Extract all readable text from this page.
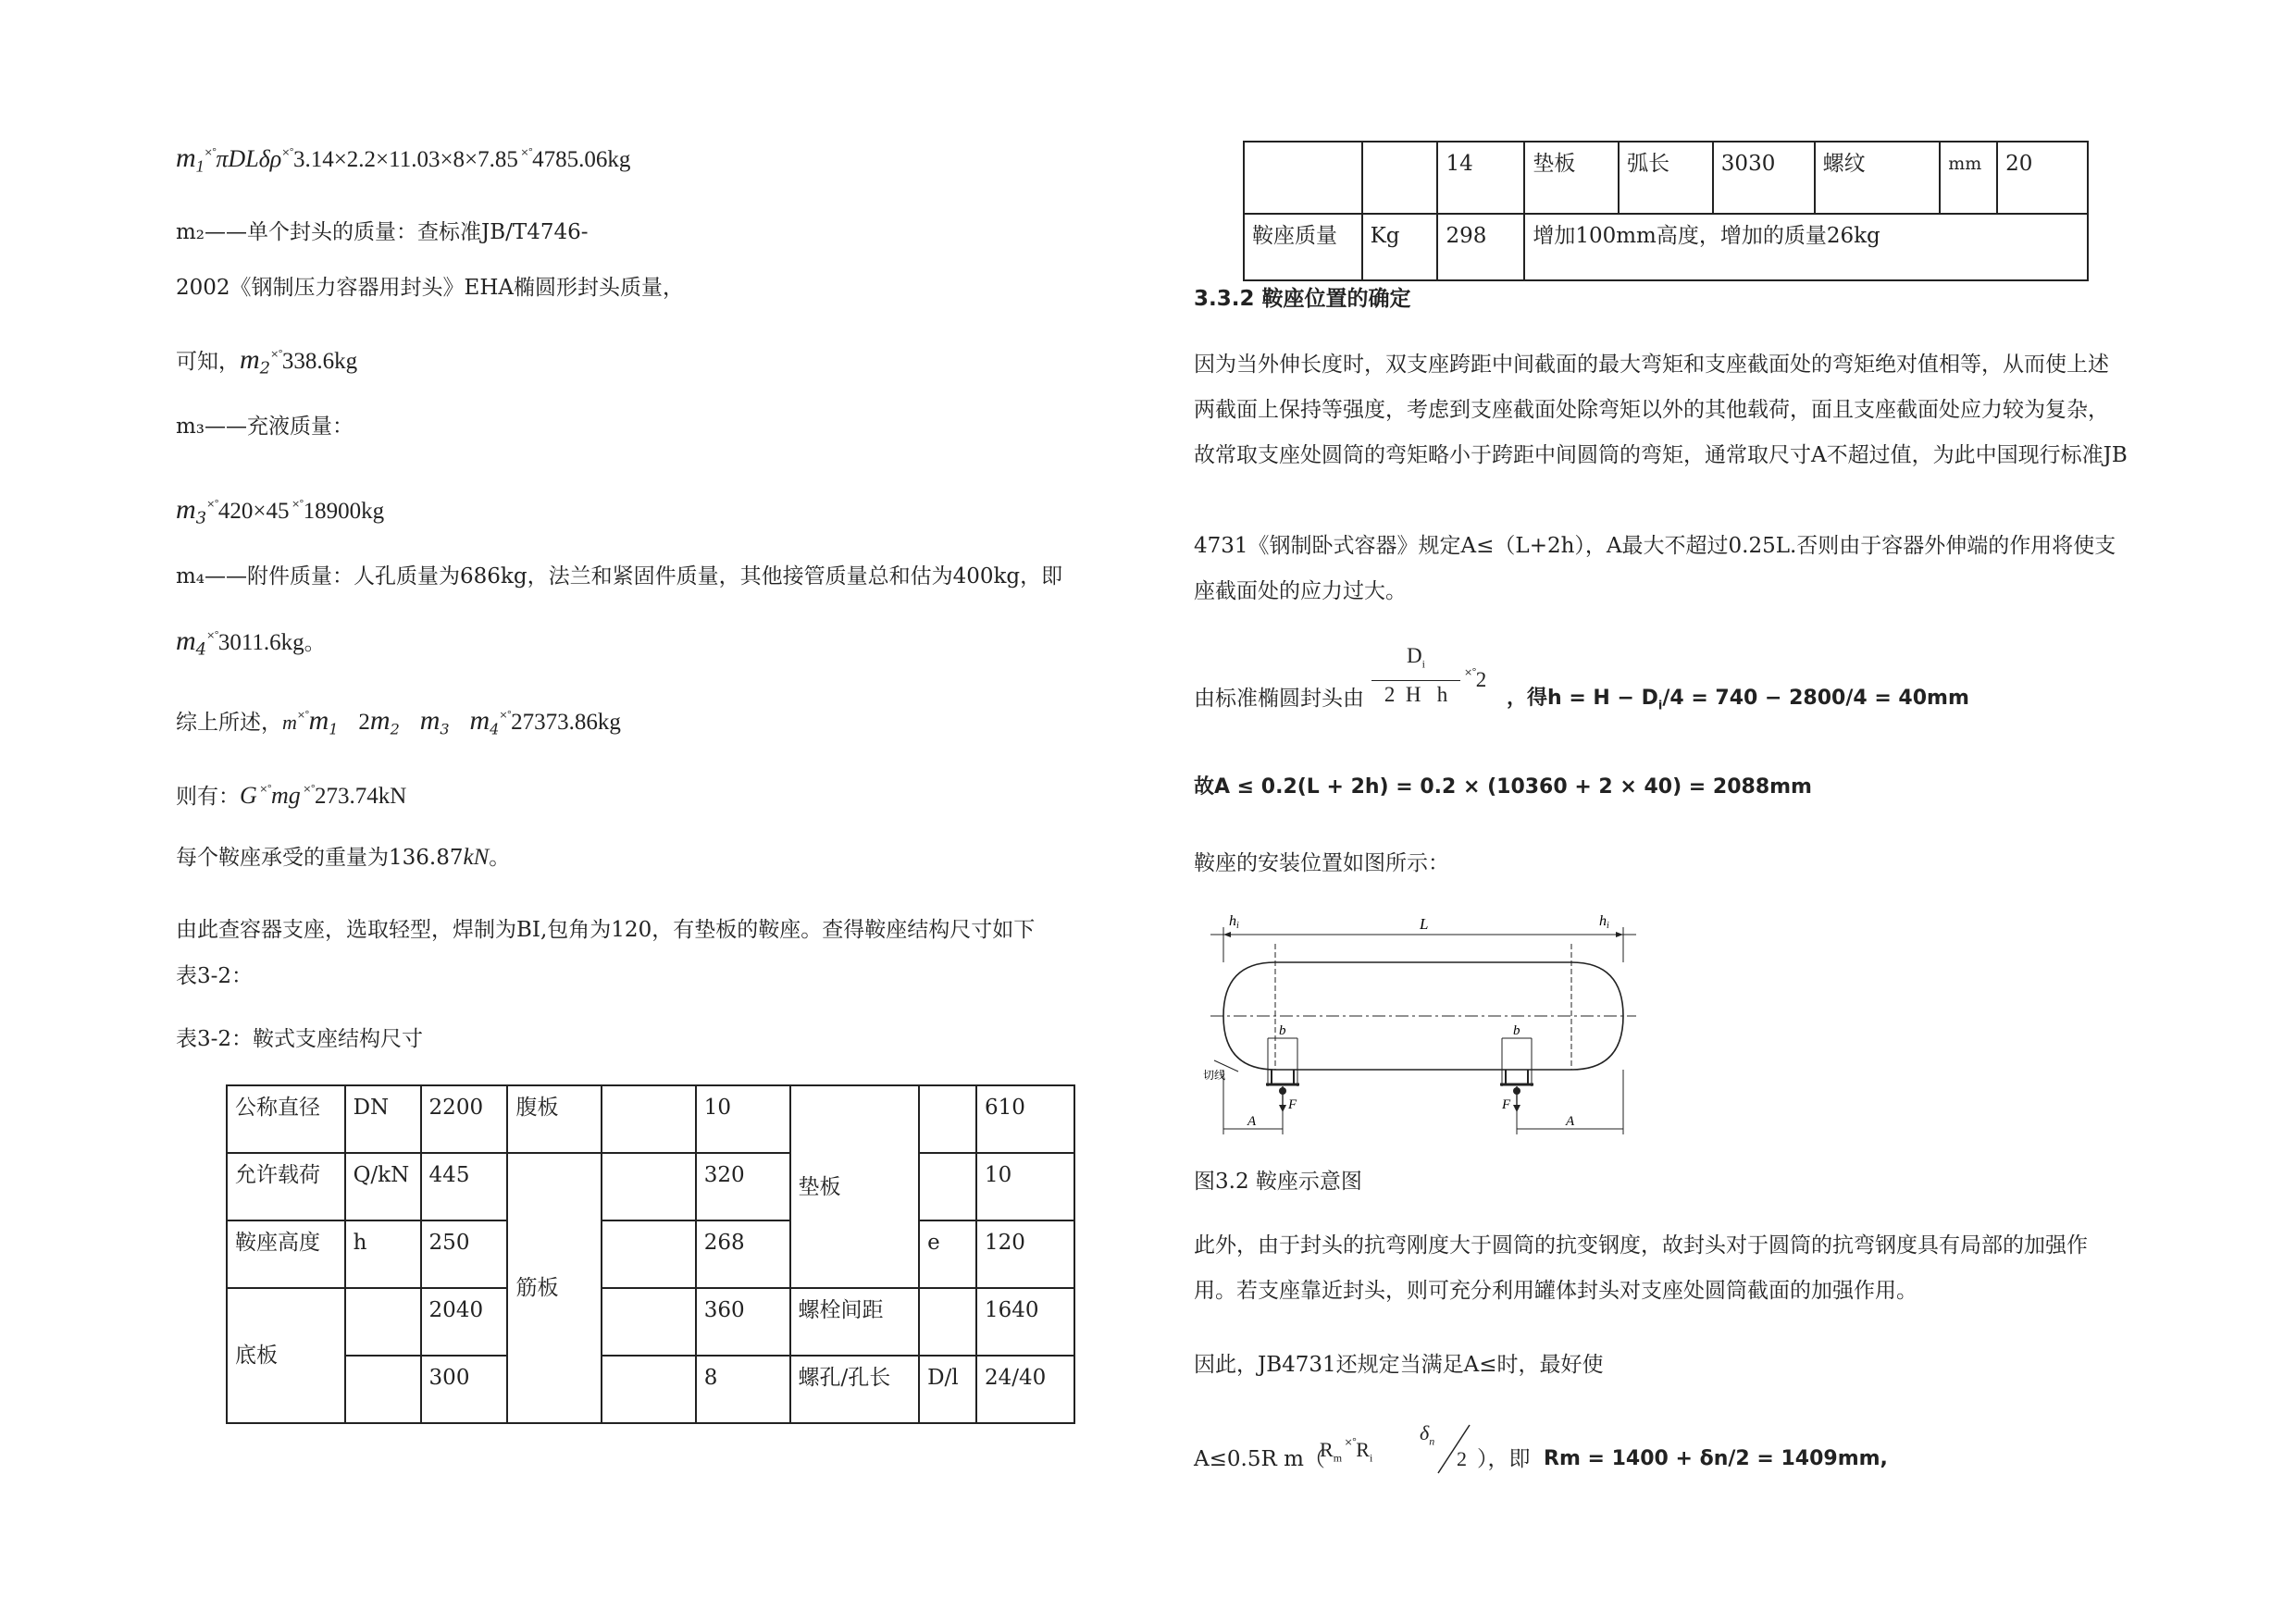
$m_1^{\times^\circ}\pi DL\delta\rho^{\times^\circ}3.14\times 2.2\times 11.03\times 8\times 7.85$ ×°4785.06kg
m₂——单个封头的质量：查标准JB/T4746-
2002《钢制压力容器用封头》EHA椭圆形封头质量，
可知，$m_2^{\times^\circ}338.6kg$
m₃——充液质量：
$m_3^{\times^\circ}420\times 45$ ×°18900kg
m₄——附件质量：人孔质量为686kg，法兰和紧固件质量，其他接管质量总和估为400kg，即
$m_4^{\times^\circ}3011.6kg$。
综上所述，$m^{\times^\circ}m_1$ $2m_2$ $m_3$ $m_4^{\times^\circ}27373.86kg$
则有：G ×°mg ×°273.74kN
每个鞍座承受的重量为136.87kN。
由此查容器支座，选取轻型，焊制为BI,包角为120，有垫板的鞍座。查得鞍座结构尺寸如下
表3-2：
表3-2：鞍式支座结构尺寸
公称直径	DN	2200	腹板		10	垫板		610
允许载荷	Q/kN	445	筋板		320			10
鞍座高度	h	250			268		e	120
底板		2040			360	螺栓间距		1640
		300			8	螺孔/孔长	D/l	24/40
		14	垫板	弧长	3030	螺纹	mm	20
鞍座质量	Kg	298	增加100mm高度，增加的质量26kg					
3.3.2 鞍座位置的确定
因为当外伸长度时，双支座跨距中间截面的最大弯矩和支座截面处的弯矩绝对值相等，从而使上述两截面上保持等强度，考虑到支座截面处除弯矩以外的其他载荷，面且支座截面处应力较为复杂，故常取支座处圆筒的弯矩略小于跨距中间圆筒的弯矩，通常取尺寸A不超过值，为此中国现行标准JB
4731《钢制卧式容器》规定A≤（L+2h），A最大不超过0.25L.否则由于容器外伸端的作用将使支座截面处的应力过大。
由标准椭圆封头由
$D_i$
2 H h
×°2
，得$h = H - D_i/4 = 740 - 2800/4 = 40mm$
故A ≤ 0.2(L + 2h) = 0.2 × (10360 + 2 × 40) = 2088mm
鞍座的安装位置如图所示：
hi	hi
L
b	b
F	F
A	A
切线
图3.2 鞍座示意图
此外，由于封头的抗弯刚度大于圆筒的抗变钢度，故封头对于圆筒的抗弯钢度具有局部的加强作用。若支座靠近封头，则可充分利用罐体封头对支座处圆筒截面的加强作用。
因此，JB4731还规定当满足A≤时，最好使
A≤0.5R m（
$R_m$ $^{\times^\circ}R_i$
$\delta_n$
2 ），即 Rm = 1400 + δn/2 = 1409mm,
